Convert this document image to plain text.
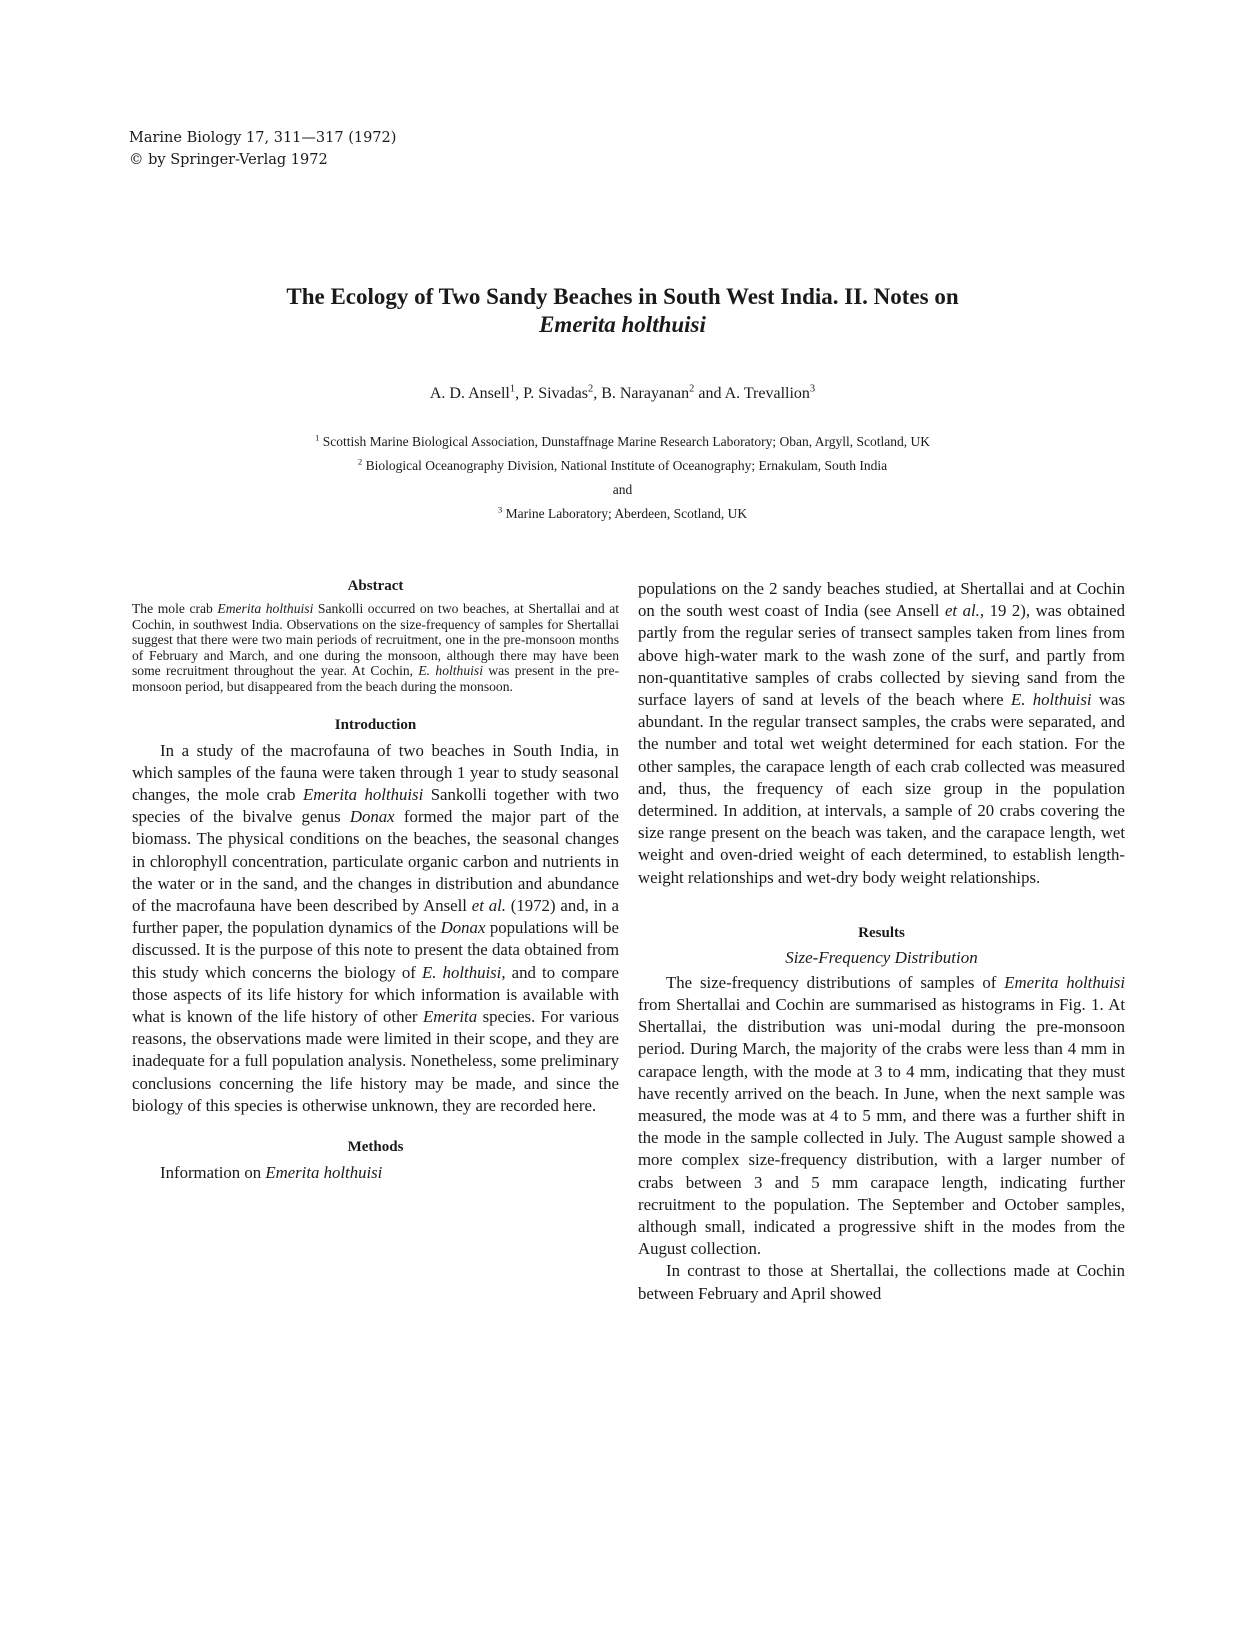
Marine Biology 17, 311—317 (1972)
© by Springer-Verlag 1972
The Ecology of Two Sandy Beaches in South West India. II. Notes on
Emerita holthuisi
A. D. Ansell$^1$, P. Sivadas$^2$, B. Narayanan$^2$ and A. Trevallion$^3$
$^1$ Scottish Marine Biological Association, Dunstaffnage Marine Research Laboratory; Oban, Argyll, Scotland, UK
$^2$ Biological Oceanography Division, National Institute of Oceanography; Ernakulam, South India
and
$^3$ Marine Laboratory; Aberdeen, Scotland, UK
Abstract

The mole crab Emerita holthuisi Sankolli occurred on two beaches, at Shertallai and at Cochin, in southwest India. Observations on the size-frequency of samples for Shertallai suggest that there were two main periods of recruitment, one in the pre-monsoon months of February and March, and one during the monsoon, although there may have been some recruitment throughout the year. At Cochin, E. holthuisi was present in the pre-monsoon period, but disappeared from the beach during the monsoon.

Introduction

In a study of the macrofauna of two beaches in South India, in which samples of the fauna were taken through 1 year to study seasonal changes, the mole crab Emerita holthuisi Sankolli together with two species of the bivalve genus Donax formed the major part of the biomass. The physical conditions on the beaches, the seasonal changes in chlorophyll concentration, particulate organic carbon and nutrients in the water or in the sand, and the changes in distribution and abundance of the macrofauna have been described by Ansell et al. (1972) and, in a further paper, the population dynamics of the Donax populations will be discussed. It is the purpose of this note to present the data obtained from this study which concerns the biology of E. holthuisi, and to compare those aspects of its life history for which information is available with what is known of the life history of other Emerita species. For various reasons, the observations made were limited in their scope, and they are inadequate for a full population analysis. Nonetheless, some preliminary conclusions concerning the life history may be made, and since the biology of this species is otherwise unknown, they are recorded here.

Methods

Information on Emerita holthuisi

populations on the 2 sandy beaches studied, at Shertallai and at Cochin on the south west coast of India (see Ansell et al., 19 2), was obtained partly from the regular series of transect samples taken from lines from above high-water mark to the wash zone of the surf, and partly from non-quantitative samples of crabs collected by sieving sand from the surface layers of sand at levels of the beach where E. holthuisi was abundant. In the regular transect samples, the crabs were separated, and the number and total wet weight determined for each station. For the other samples, the carapace length of each crab collected was measured and, thus, the frequency of each size group in the population determined. In addition, at intervals, a sample of 20 crabs covering the size range present on the beach was taken, and the carapace length, wet weight and oven-dried weight of each determined, to establish length-weight relationships and wet-dry body weight relationships.

Results
Size-Frequency Distribution

The size-frequency distributions of samples of Emerita holthuisi from Shertallai and Cochin are summarised as histograms in Fig. 1. At Shertallai, the distribution was uni-modal during the pre-monsoon period. During March, the majority of the crabs were less than 4 mm in carapace length, with the mode at 3 to 4 mm, indicating that they must have recently arrived on the beach. In June, when the next sample was measured, the mode was at 4 to 5 mm, and there was a further shift in the mode in the sample collected in July. The August sample showed a more complex size-frequency distribution, with a larger number of crabs between 3 and 5 mm carapace length, indicating further recruitment to the population. The September and October samples, although small, indicated a progressive shift in the modes from the August collection.

In contrast to those at Shertallai, the collections made at Cochin between February and April showed
